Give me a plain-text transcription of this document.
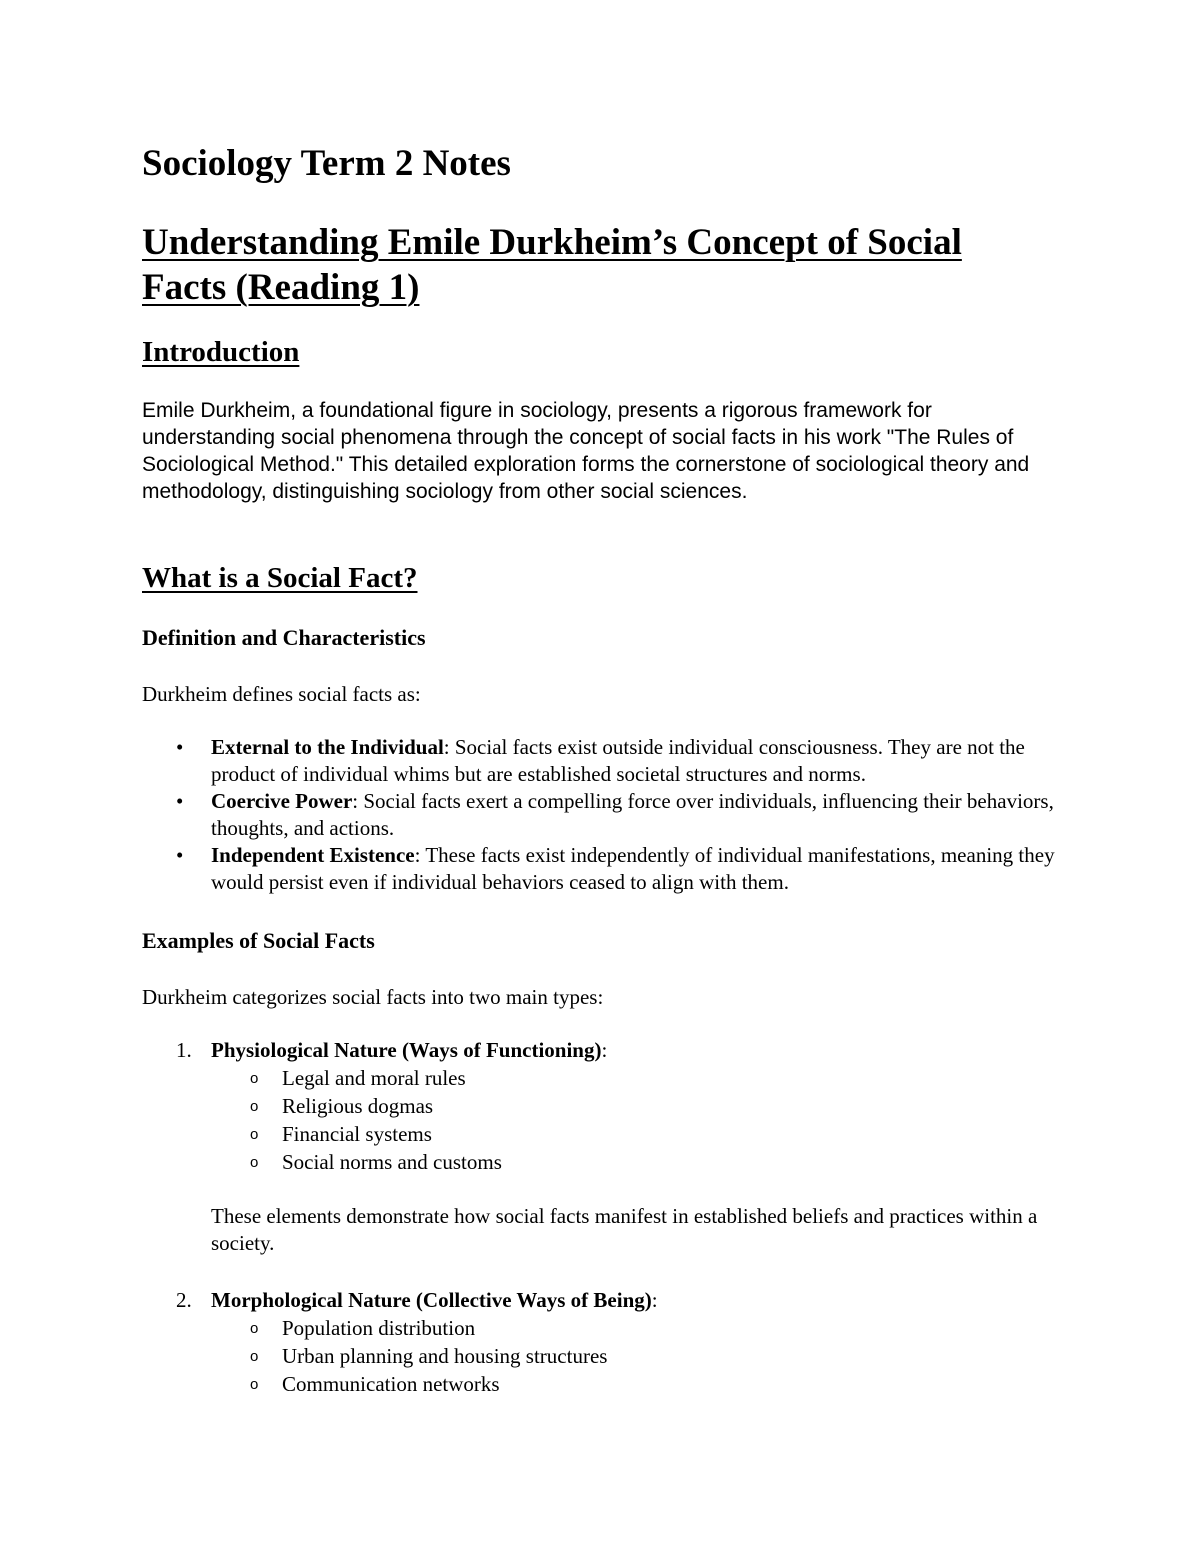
Sociology Term 2 Notes
Understanding Emile Durkheim’s Concept of Social Facts (Reading 1)
Introduction

Emile Durkheim, a foundational figure in sociology, presents a rigorous framework for understanding social phenomena through the concept of social facts in his work "The Rules of Sociological Method." This detailed exploration forms the cornerstone of sociological theory and methodology, distinguishing sociology from other social sciences.

What is a Social Fact?
Definition and Characteristics

Durkheim defines social facts as:

• External to the Individual: Social facts exist outside individual consciousness. They are not the product of individual whims but are established societal structures and norms.
• Coercive Power: Social facts exert a compelling force over individuals, influencing their behaviors, thoughts, and actions.
• Independent Existence: These facts exist independently of individual manifestations, meaning they would persist even if individual behaviors ceased to align with them.
Examples of Social Facts

Durkheim categorizes social facts into two main types:

1. Physiological Nature (Ways of Functioning):
o Legal and moral rules
o Religious dogmas
o Financial systems
o Social norms and customs

These elements demonstrate how social facts manifest in established beliefs and practices within a society.

2. Morphological Nature (Collective Ways of Being):
o Population distribution
o Urban planning and housing structures
o Communication networks
